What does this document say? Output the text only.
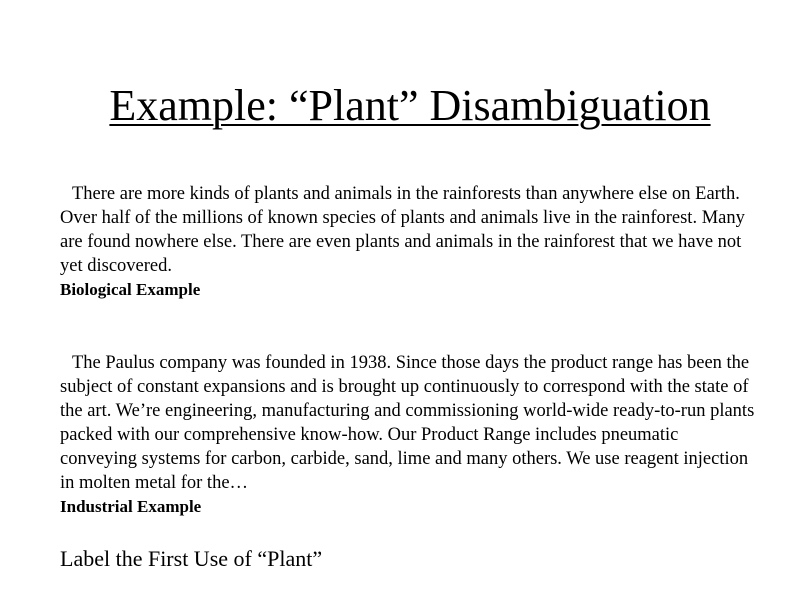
Example: “Plant” Disambiguation
There are more kinds of plants and animals in the rainforests than anywhere else on Earth. Over half of the millions of known species of plants and animals live in the rainforest. Many are found nowhere else. There are even plants and animals in the rainforest that we have not yet discovered.
Biological Example
The Paulus company was founded in 1938. Since those days the product range has been the subject of constant expansions and is brought up continuously to correspond with the state of the art. We’re engineering, manufacturing and commissioning world-wide ready-to-run plants packed with our comprehensive know-how. Our Product Range includes pneumatic conveying systems for carbon, carbide, sand, lime and many others. We use reagent injection in molten metal for the…
Industrial Example

Label the First Use of “Plant”
